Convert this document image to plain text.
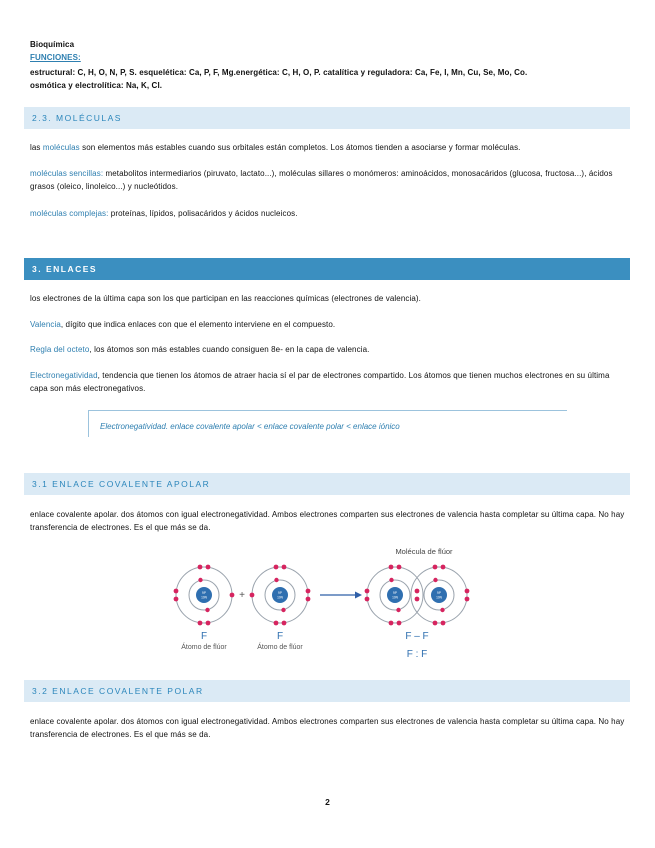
Bioquímica
FUNCIONES:
estructural: C, H, O, N, P, S. esquelética: Ca, P, F, Mg.energética: C, H, O, P. catalítica y reguladora: Ca, Fe, I, Mn, Cu, Se, Mo, Co.
osmótica y electrolítica: Na, K, Cl.
2.3. MOLÉCULAS
las moléculas son elementos más estables cuando sus orbitales están completos. Los átomos tienden a asociarse y formar moléculas.
moléculas sencillas: metabolitos intermediarios (piruvato, lactato...), moléculas sillares o monómeros: aminoácidos, monosacáridos (glucosa, fructosa...), ácidos grasos (oleico, linoleico...) y nucleótidos.
moléculas complejas: proteínas, lípidos, polisacáridos y ácidos nucleicos.
3. ENLACES
los electrones de la última capa son los que participan en las reacciones químicas (electrones de valencia).
Valencia, dígito que indica enlaces con que el elemento interviene en el compuesto.
Regla del octeto, los átomos son más estables cuando consiguen 8e- en la capa de valencia.
Electronegatividad, tendencia que tienen los átomos de atraer hacia sí el par de electrones compartido. Los átomos que tienen muchos electrones en su última capa son más electronegativos.
Electronegatividad. enlace covalente apolar < enlace covalente polar < enlace iónico
3.1 ENLACE COVALENTE APOLAR
enlace covalente apolar. dos átomos con igual electronegatividad. Ambos electrones comparten sus electrones de valencia hasta completar su última capa. No hay transferencia de electrones. Es el que más se da.
Molécula de flúor
9P
10N	+	9P
10N
9P
10N
9P
10N
F
Átomo de flúor
F
Átomo de flúor
F – F
F : F
3.2 ENLACE COVALENTE POLAR
enlace covalente apolar. dos átomos con igual electronegatividad. Ambos electrones comparten sus electrones de valencia hasta completar su última capa. No hay transferencia de electrones. Es el que más se da.
2
